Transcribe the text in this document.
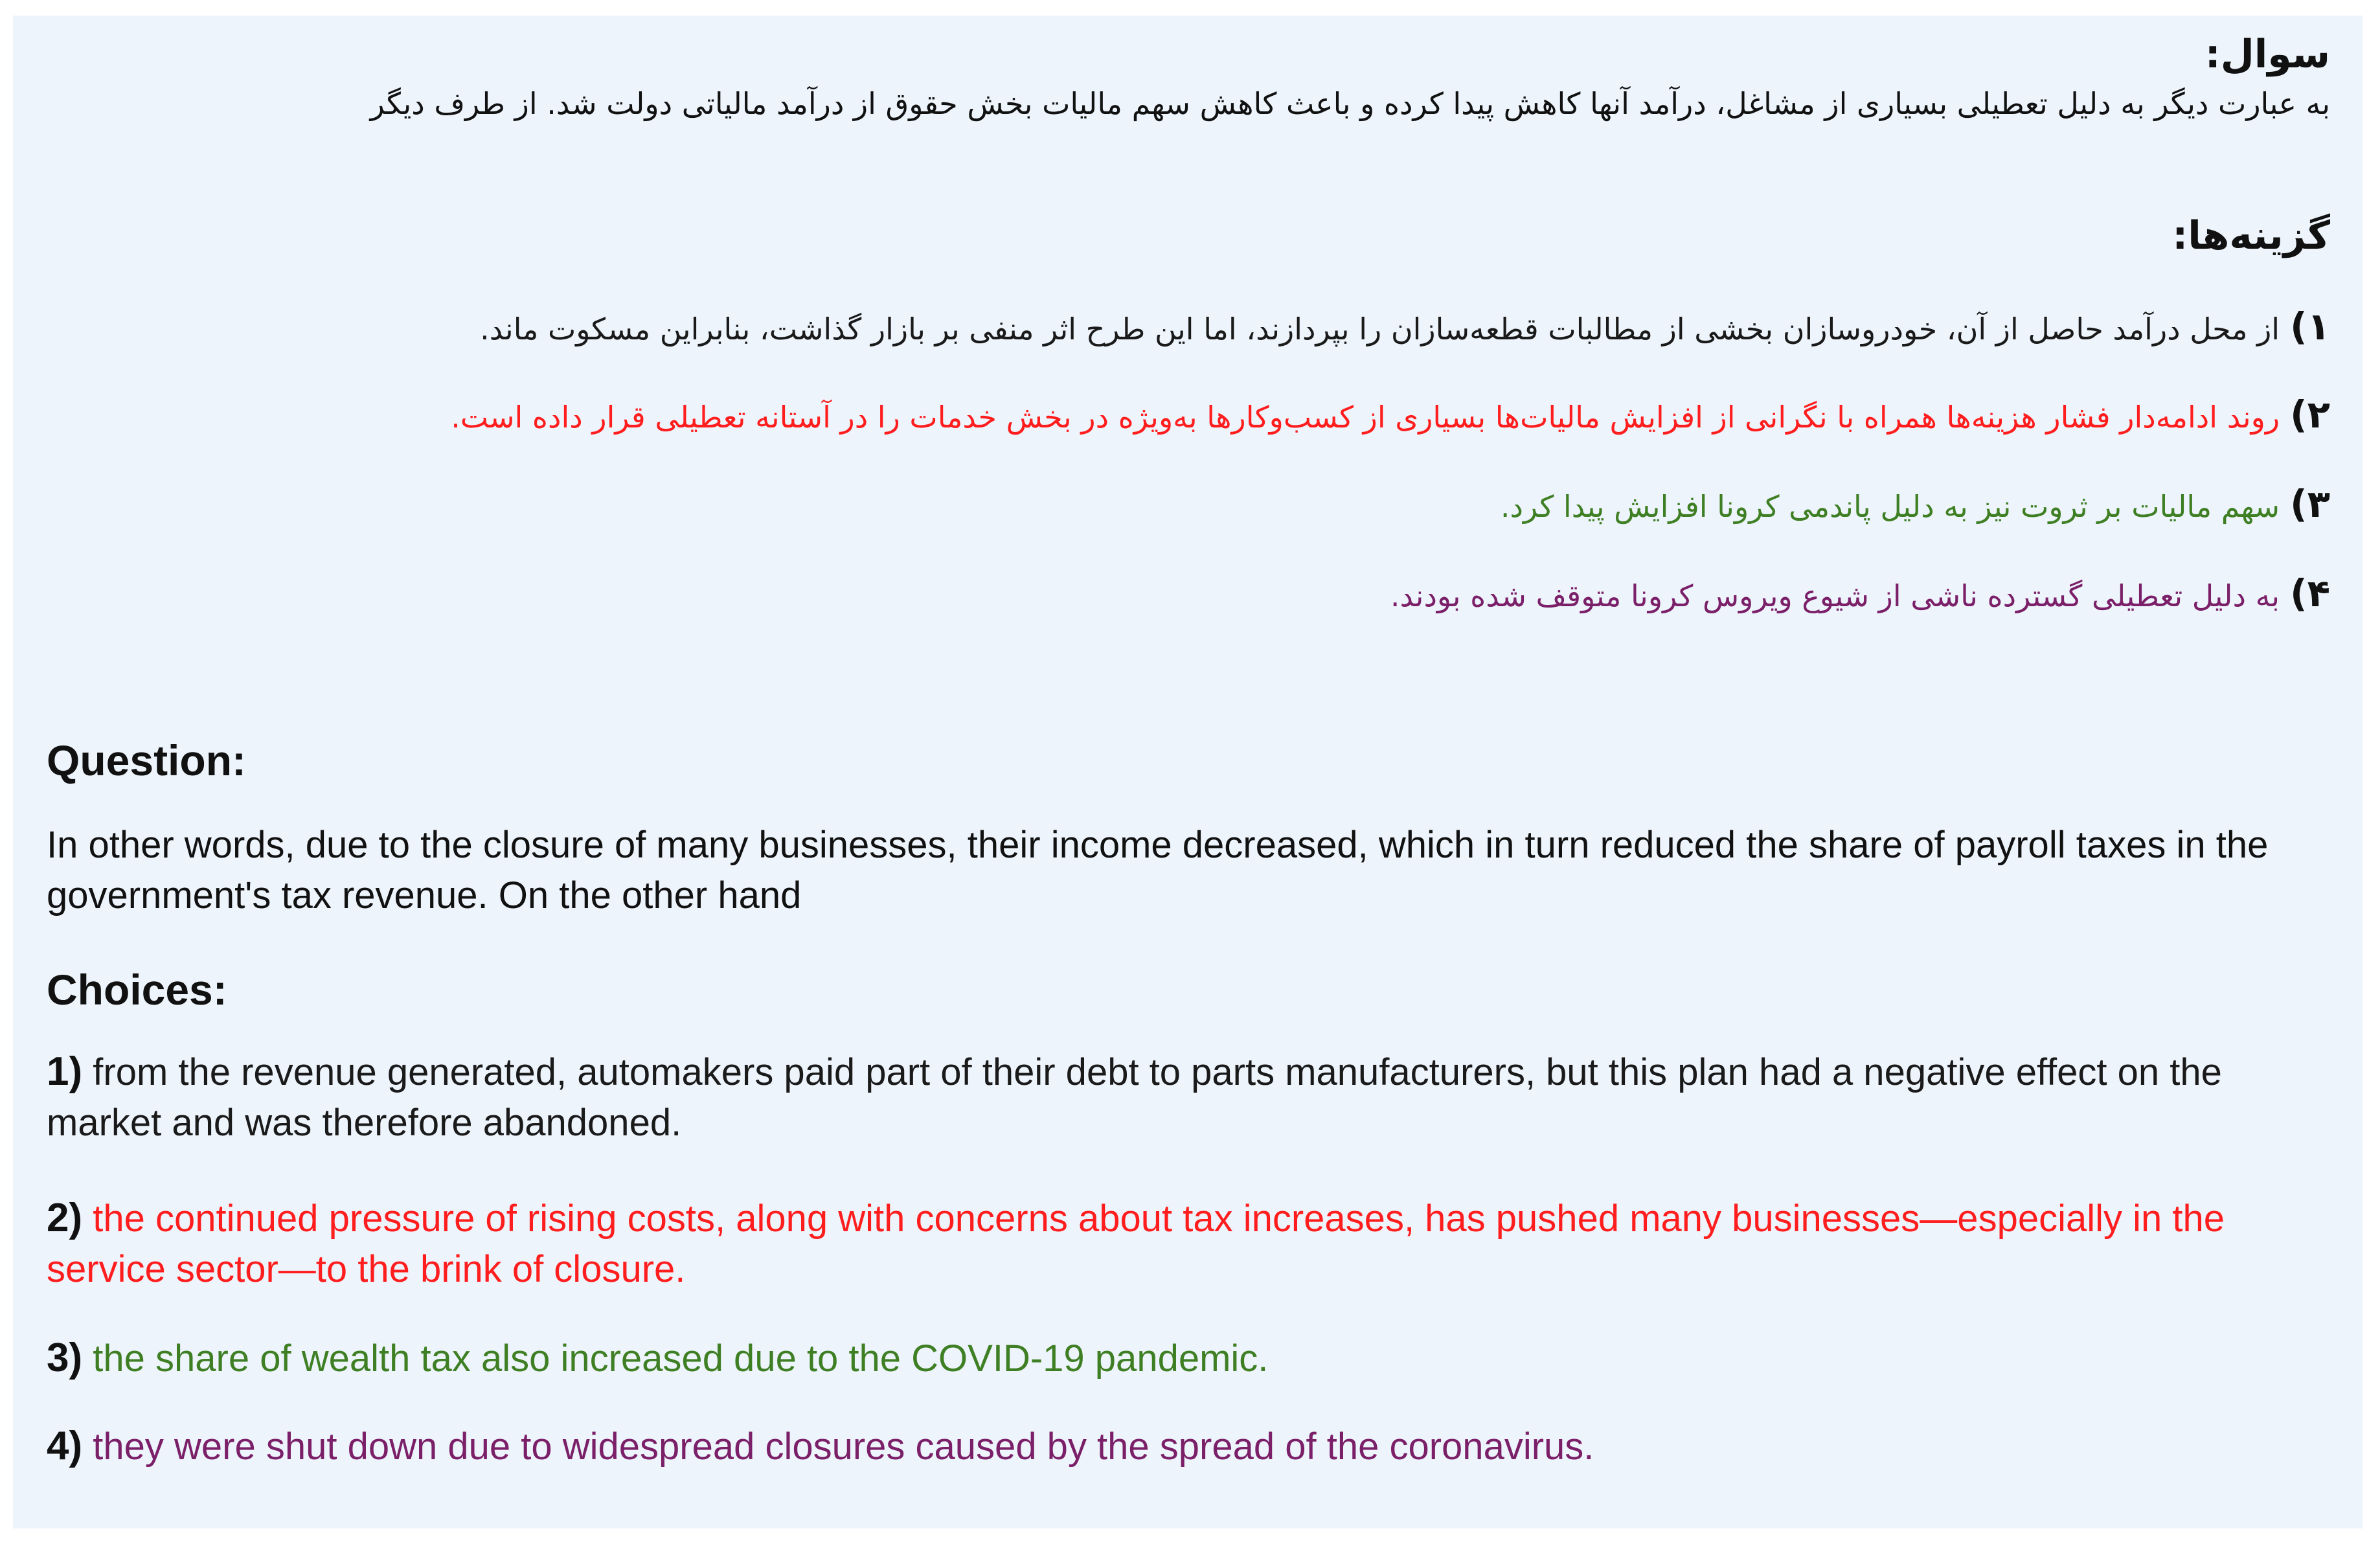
سوال:
به عبارت دیگر به دلیل تعطیلی بسیاری از مشاغل، درآمد آنها کاهش پیدا کرده و باعث کاهش سهم مالیات بخش حقوق از درآمد مالیاتی دولت شد. از طرف دیگر
گزینه‌ها:
۱)از محل درآمد حاصل از آن، خودروسازان بخشی از مطالبات قطعه‌سازان را بپردازند، اما این طرح اثر منفی بر بازار گذاشت، بنابراین مسکوت ماند.
۲)روند ادامه‌دار فشار هزینه‌ها همراه با نگرانی از افزایش مالیات‌ها بسیاری از کسب‌وکارها به‌ویژه در بخش خدمات را در آستانه تعطیلی قرار داده است.
۳)سهم مالیات بر ثروت نیز به دلیل پاندمی کرونا افزایش پیدا کرد.
۴)به دلیل تعطیلی گسترده ناشی از شیوع ویروس کرونا متوقف شده بودند.
Question:
In other words, due to the closure of many businesses, their income decreased, which in turn reduced the share of payroll taxes in the government's tax revenue. On the other hand
Choices:
1) from the revenue generated, automakers paid part of their debt to parts manufacturers, but this plan had a negative effect on the market and was therefore abandoned.
2) the continued pressure of rising costs, along with concerns about tax increases, has pushed many businesses—especially in the service sector—to the brink of closure.
3) the share of wealth tax also increased due to the COVID-19 pandemic.
4) they were shut down due to widespread closures caused by the spread of the coronavirus.
